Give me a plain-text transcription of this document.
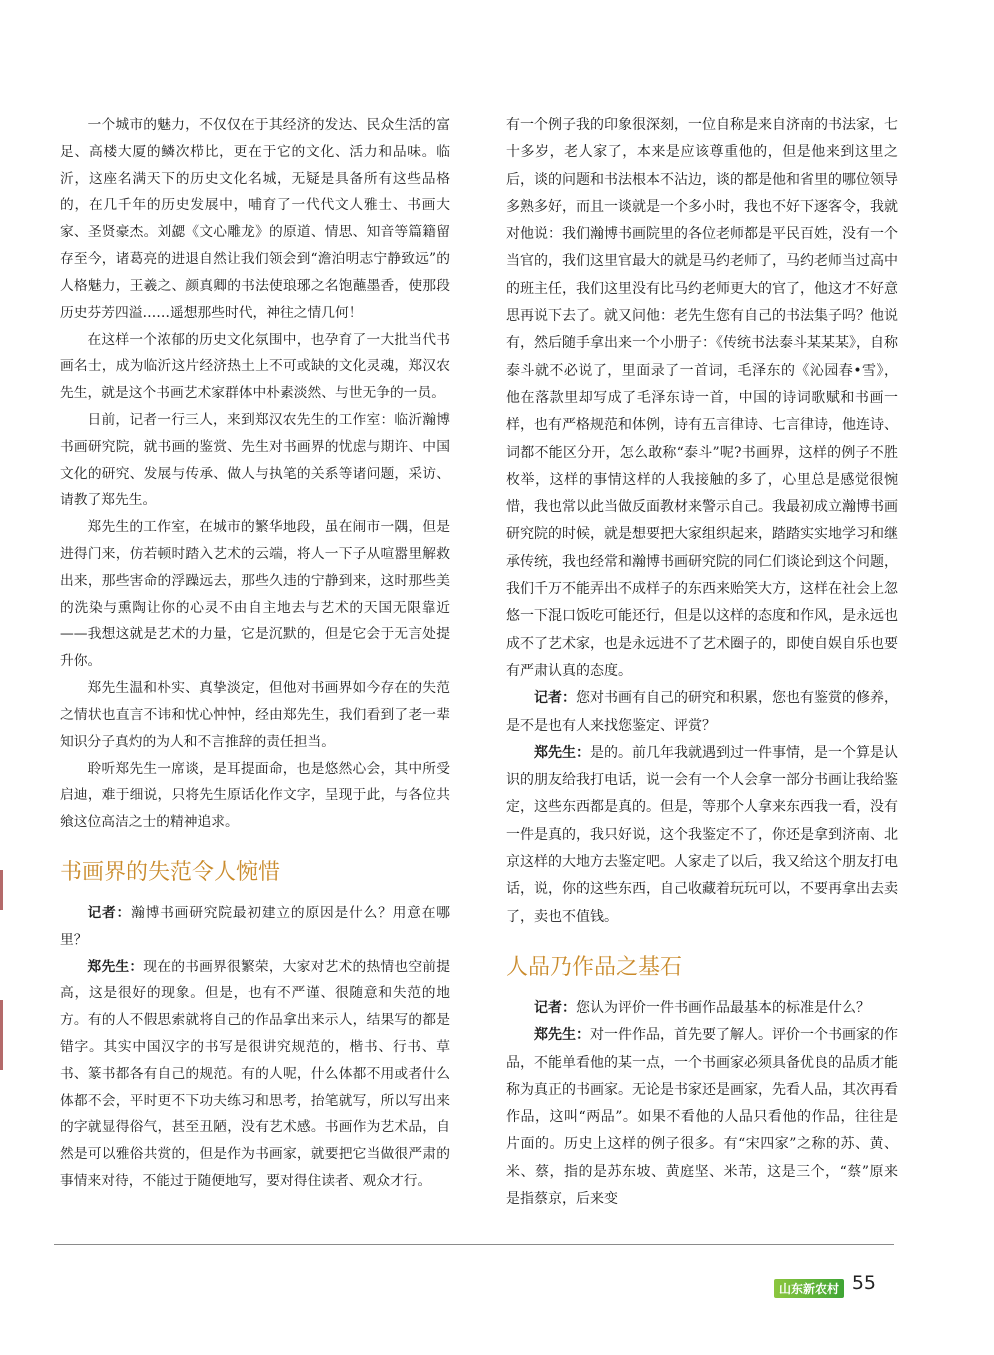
一个城市的魅力，不仅仅在于其经济的发达、民众生活的富足、高楼大厦的鳞次栉比，更在于它的文化、活力和品味。临沂，这座名满天下的历史文化名城，无疑是具备所有这些品格的，在几千年的历史发展中，哺育了一代代文人雅士、书画大家、圣贤豪杰。刘勰《文心雕龙》的原道、情思、知音等篇籍留存至今，诸葛亮的进退自然让我们领会到“澹泊明志宁静致远”的人格魅力，王羲之、颜真卿的书法使琅琊之名饱蘸墨香，使那段历史芬芳四溢……遥想那些时代，神往之情几何！

在这样一个浓郁的历史文化氛围中，也孕育了一大批当代书画名士，成为临沂这片经济热土上不可或缺的文化灵魂，郑汉农先生，就是这个书画艺术家群体中朴素淡然、与世无争的一员。

日前，记者一行三人，来到郑汉农先生的工作室：临沂瀚博书画研究院，就书画的鉴赏、先生对书画界的忧虑与期许、中国文化的研究、发展与传承、做人与执笔的关系等诸问题，采访、请教了郑先生。

郑先生的工作室，在城市的繁华地段，虽在闹市一隅，但是进得门来，仿若顿时踏入艺术的云端，将人一下子从喧嚣里解救出来，那些害命的浮躁远去，那些久违的宁静到来，这时那些美的洗染与熏陶让你的心灵不由自主地去与艺术的天国无限靠近——我想这就是艺术的力量，它是沉默的，但是它会于无言处提升你。

郑先生温和朴实、真挚淡定，但他对书画界如今存在的失范之情状也直言不讳和忧心忡忡，经由郑先生，我们看到了老一辈知识分子真灼的为人和不言推辞的责任担当。

聆听郑先生一席谈，是耳提面命，也是悠然心会，其中所受启迪，难于细说，只将先生原话化作文字，呈现于此，与各位共飨这位高洁之士的精神追求。

书画界的失范令人惋惜

记者：瀚博书画研究院最初建立的原因是什么？用意在哪里？

郑先生：现在的书画界很繁荣，大家对艺术的热情也空前提高，这是很好的现象。但是，也有不严谨、很随意和失范的地方。有的人不假思索就将自己的作品拿出来示人，结果写的都是错字。其实中国汉字的书写是很讲究规范的，楷书、行书、草书、篆书都各有自己的规范。有的人呢，什么体都不用或者什么体都不会，平时更不下功夫练习和思考，抬笔就写，所以写出来的字就显得俗气，甚至丑陋，没有艺术感。书画作为艺术品，自然是可以雅俗共赏的，但是作为书画家，就要把它当做很严肃的事情来对待，不能过于随便地写，要对得住读者、观众才行。

有一个例子我的印象很深刻，一位自称是来自济南的书法家，七十多岁，老人家了，本来是应该尊重他的，但是他来到这里之后，谈的问题和书法根本不沾边，谈的都是他和省里的哪位领导多熟多好，而且一谈就是一个多小时，我也不好下逐客令，我就对他说：我们瀚博书画院里的各位老师都是平民百姓，没有一个当官的，我们这里官最大的就是马约老师了，马约老师当过高中的班主任，我们这里没有比马约老师更大的官了，他这才不好意思再说下去了。就又问他：老先生您有自己的书法集子吗？他说有，然后随手拿出来一个小册子：《传统书法泰斗某某某》，自称泰斗就不必说了，里面录了一首词，毛泽东的《沁园春•雪》，他在落款里却写成了毛泽东诗一首，中国的诗词歌赋和书画一样，也有严格规范和体例，诗有五言律诗、七言律诗，他连诗、词都不能区分开，怎么敢称“泰斗”呢?书画界，这样的例子不胜枚举，这样的事情这样的人我接触的多了，心里总是感觉很惋惜，我也常以此当做反面教材来警示自己。我最初成立瀚博书画研究院的时候，就是想要把大家组织起来，踏踏实实地学习和继承传统，我也经常和瀚博书画研究院的同仁们谈论到这个问题，我们千万不能弄出不成样子的东西来贻笑大方，这样在社会上忽悠一下混口饭吃可能还行，但是以这样的态度和作风，是永远也成不了艺术家，也是永远进不了艺术圈子的，即使自娱自乐也要有严肃认真的态度。

记者：您对书画有自己的研究和积累，您也有鉴赏的修养，是不是也有人来找您鉴定、评赏？

郑先生：是的。前几年我就遇到过一件事情，是一个算是认识的朋友给我打电话，说一会有一个人会拿一部分书画让我给鉴定，这些东西都是真的。但是，等那个人拿来东西我一看，没有一件是真的，我只好说，这个我鉴定不了，你还是拿到济南、北京这样的大地方去鉴定吧。人家走了以后，我又给这个朋友打电话，说，你的这些东西，自己收藏着玩玩可以，不要再拿出去卖了，卖也不值钱。

人品乃作品之基石

记者：您认为评价一件书画作品最基本的标准是什么？

郑先生：对一件作品，首先要了解人。评价一个书画家的作品，不能单看他的某一点，一个书画家必须具备优良的品质才能称为真正的书画家。无论是书家还是画家，先看人品，其次再看作品，这叫“两品”。如果不看他的人品只看他的作品，往往是片面的。历史上这样的例子很多。有“宋四家”之称的苏、黄、米、蔡，指的是苏东坡、黄庭坚、米芾，这是三个，“蔡”原来是指蔡京，后来变

山东新农村 55
